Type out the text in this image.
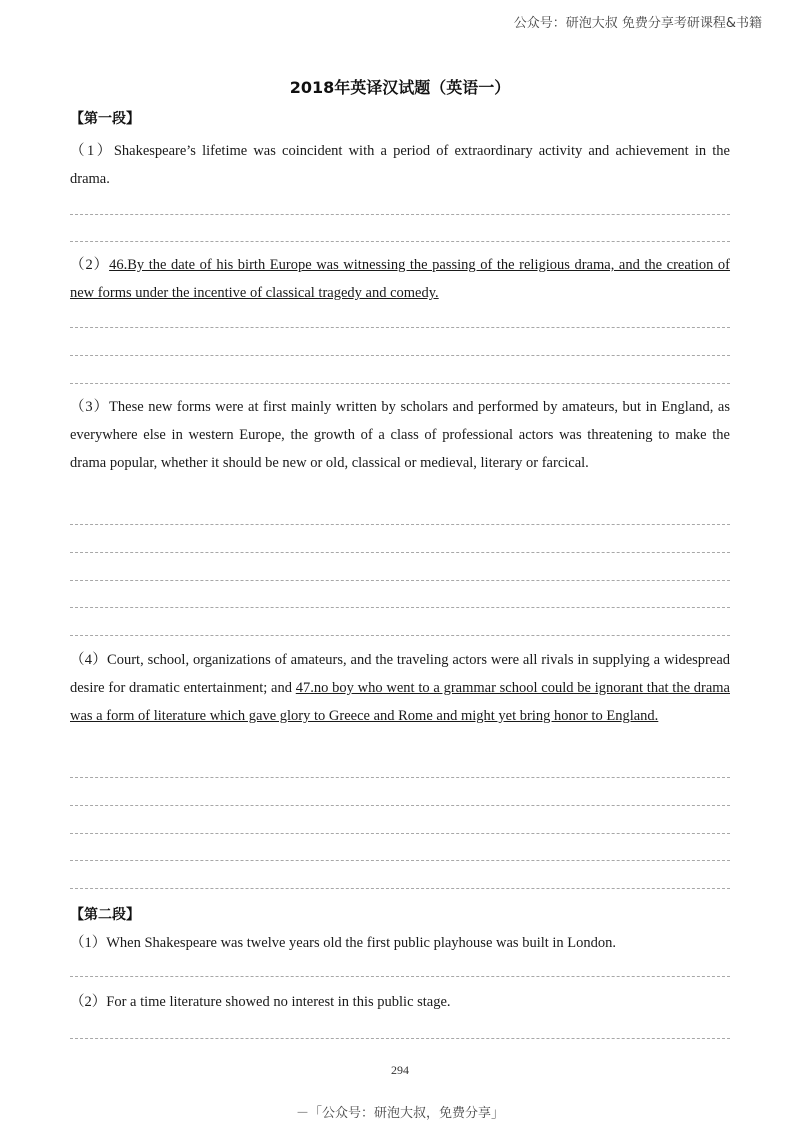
公众号：研泡大叔 免费分享考研课程&书籍
2018年英译汉试题（英语一）
【第一段】
（1）Shakespeare’s lifetime was coincident with a period of extraordinary activity and achievement in the drama.
（2）46.By the date of his birth Europe was witnessing the passing of the religious drama, and the creation of new forms under the incentive of classical tragedy and comedy.
（3）These new forms were at first mainly written by scholars and performed by amateurs, but in England, as everywhere else in western Europe, the growth of a class of professional actors was threatening to make the drama popular, whether it should be new or old, classical or medieval, literary or farcical.
（4）Court, school, organizations of amateurs, and the traveling actors were all rivals in supplying a widespread desire for dramatic entertainment; and 47.no boy who went to a grammar school could be ignorant that the drama was a form of literature which gave glory to Greece and Rome and might yet bring honor to England.
【第二段】
（1）When Shakespeare was twelve years old the first public playhouse was built in London.
（2）For a time literature showed no interest in this public stage.
294
－「公众号：研泡大叔，免费分享」
